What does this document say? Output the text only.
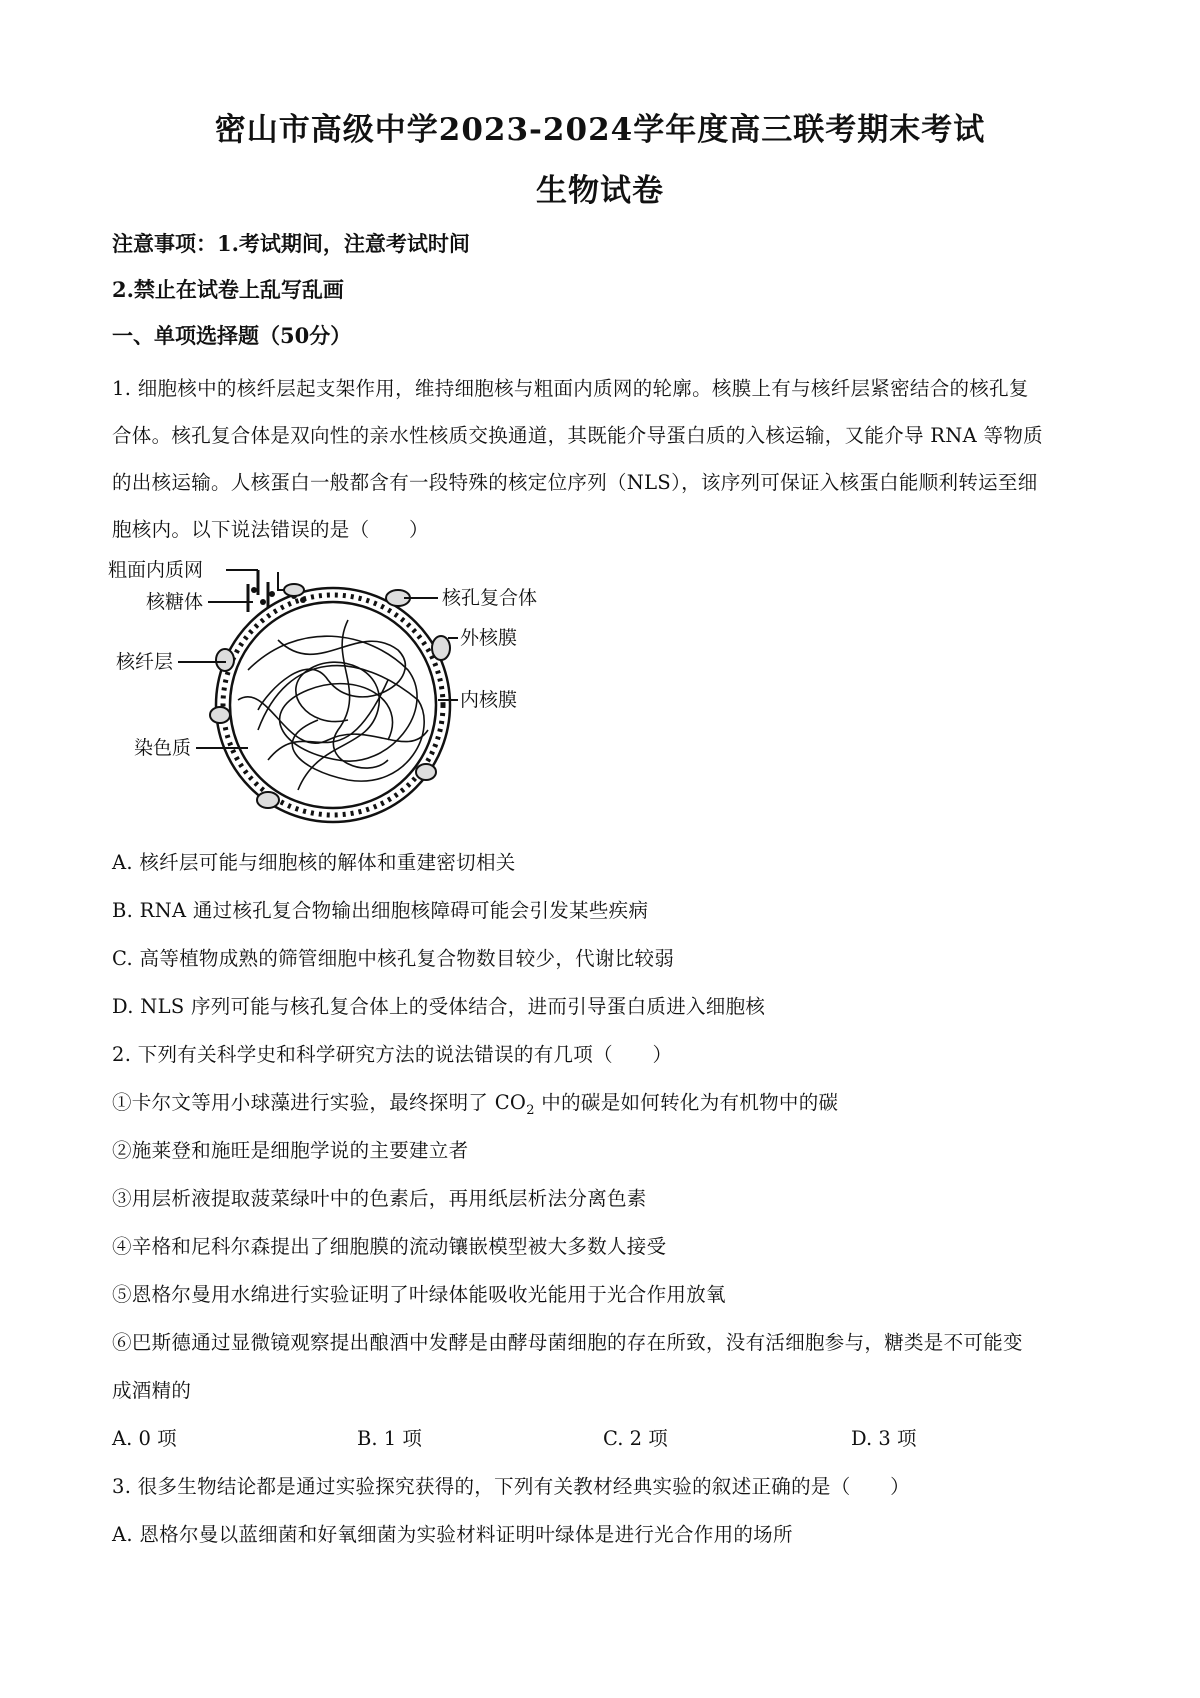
密山市高级中学2023-2024学年度高三联考期末考试
生物试卷
注意事项：1.考试期间，注意考试时间
2.禁止在试卷上乱写乱画
一、单项选择题（50分）
1. 细胞核中的核纤层起支架作用，维持细胞核与粗面内质网的轮廓。核膜上有与核纤层紧密结合的核孔复
合体。核孔复合体是双向性的亲水性核质交换通道，其既能介导蛋白质的入核运输，又能介导 RNA 等物质
的出核运输。人核蛋白一般都含有一段特殊的核定位序列（NLS），该序列可保证入核蛋白能顺利转运至细
胞核内。以下说法错误的是（　　）
粗面内质网
核糖体
核纤层
染色质
核孔复合体
外核膜
内核膜
A. 核纤层可能与细胞核的解体和重建密切相关
B. RNA 通过核孔复合物输出细胞核障碍可能会引发某些疾病
C. 高等植物成熟的筛管细胞中核孔复合物数目较少，代谢比较弱
D. NLS 序列可能与核孔复合体上的受体结合，进而引导蛋白质进入细胞核
2. 下列有关科学史和科学研究方法的说法错误的有几项（　　）
①卡尔文等用小球藻进行实验，最终探明了 $CO_2$ 中的碳是如何转化为有机物中的碳
②施莱登和施旺是细胞学说的主要建立者
③用层析液提取菠菜绿叶中的色素后，再用纸层析法分离色素
④辛格和尼科尔森提出了细胞膜的流动镶嵌模型被大多数人接受
⑤恩格尔曼用水绵进行实验证明了叶绿体能吸收光能用于光合作用放氧
⑥巴斯德通过显微镜观察提出酿酒中发酵是由酵母菌细胞的存在所致，没有活细胞参与，糖类是不可能变
成酒精的
A. 0 项	B. 1 项	C. 2 项	D. 3 项
3. 很多生物结论都是通过实验探究获得的，下列有关教材经典实验的叙述正确的是（　　）
A. 恩格尔曼以蓝细菌和好氧细菌为实验材料证明叶绿体是进行光合作用的场所
